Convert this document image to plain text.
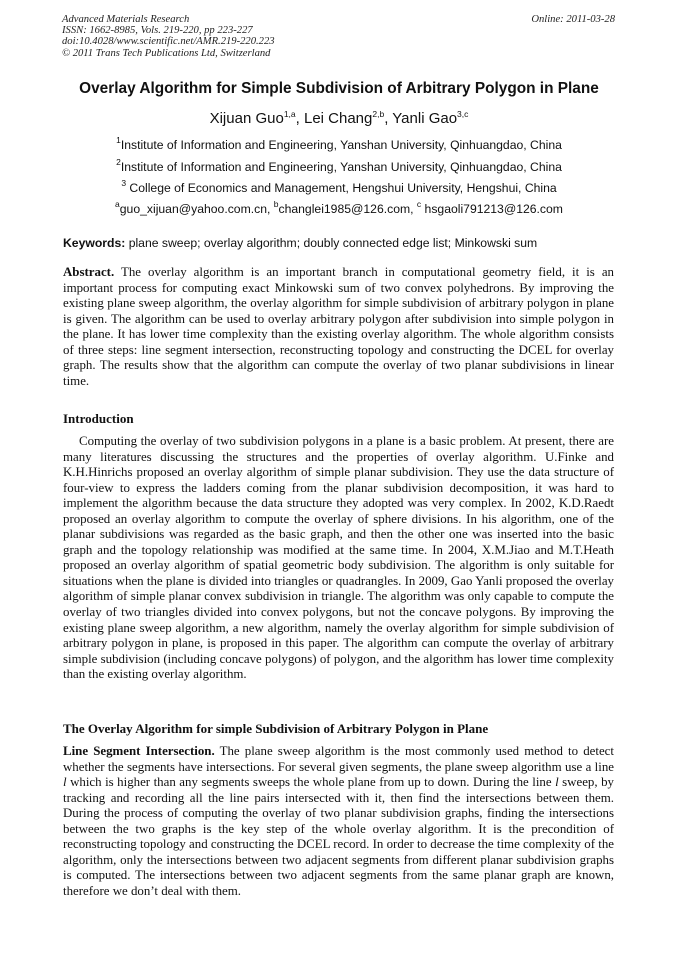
Advanced Materials Research
ISSN: 1662-8985, Vols. 219-220, pp 223-227
doi:10.4028/www.scientific.net/AMR.219-220.223
© 2011 Trans Tech Publications Ltd, Switzerland
Online: 2011-03-28
Overlay Algorithm for Simple Subdivision of Arbitrary Polygon in Plane
Xijuan Guo$^{1,a}$, Lei Chang$^{2,b}$, Yanli Gao$^{3,c}$
$^1$Institute of Information and Engineering, Yanshan University, Qinhuangdao, China
$^2$Institute of Information and Engineering, Yanshan University, Qinhuangdao, China
$^3$ College of Economics and Management, Hengshui University, Hengshui, China
$^a$guo_xijuan@yahoo.com.cn, $^b$changlei1985@126.com, $^c$ hsgaoli791213@126.com
Keywords: plane sweep; overlay algorithm; doubly connected edge list; Minkowski sum
Abstract. The overlay algorithm is an important branch in computational geometry field, it is an important process for computing exact Minkowski sum of two convex polyhedrons. By improving the existing plane sweep algorithm, the overlay algorithm for simple subdivision of arbitrary polygon in plane is given. The algorithm can be used to overlay arbitrary polygon after subdivision into simple polygon in the plane. It has lower time complexity than the existing overlay algorithm. The whole algorithm consists of three steps: line segment intersection, reconstructing topology and constructing the DCEL for overlay graph. The results show that the algorithm can compute the overlay of two planar subdivisions in linear time.
Introduction
Computing the overlay of two subdivision polygons in a plane is a basic problem. At present, there are many literatures discussing the structures and the properties of overlay algorithm. U.Finke and K.H.Hinrichs proposed an overlay algorithm of simple planar subdivision. They use the data structure of four-view to express the ladders coming from the planar subdivision decomposition, it was hard to implement the algorithm because the data structure they adopted was very complex. In 2002, K.D.Raedt proposed an overlay algorithm to compute the overlay of sphere divisions. In his algorithm, one of the planar subdivisions was regarded as the basic graph, and then the other one was inserted into the basic graph and the topology relationship was modified at the same time. In 2004, X.M.Jiao and M.T.Heath proposed an overlay algorithm of spatial geometric body subdivision. The algorithm is only suitable for situations when the plane is divided into triangles or quadrangles. In 2009, Gao Yanli proposed the overlay algorithm of simple planar convex subdivision in triangle. The algorithm was only capable to compute the overlay of two triangles divided into convex polygons, but not the concave polygons. By improving the existing plane sweep algorithm, a new algorithm, namely the overlay algorithm for simple subdivision of arbitrary polygon in plane, is proposed in this paper. The algorithm can compute the overlay of arbitrary simple subdivision (including concave polygons) of polygon, and the algorithm has lower time complexity than the existing overlay algorithm.
The Overlay Algorithm for simple Subdivision of Arbitrary Polygon in Plane
Line Segment Intersection. The plane sweep algorithm is the most commonly used method to detect whether the segments have intersections. For several given segments, the plane sweep algorithm use a line l which is higher than any segments sweeps the whole plane from up to down. During the line l sweep, by tracking and recording all the line pairs intersected with it, then find the intersections between them. During the process of computing the overlay of two planar subdivision graphs, finding the intersections between the two graphs is the key step of the whole overlay algorithm. It is the precondition of reconstructing topology and constructing the DCEL record. In order to decrease the time complexity of the algorithm, only the intersections between two adjacent segments from different planar subdivision graphs is computed. The intersections between two adjacent segments from the same planar graph are known, therefore we don’t deal with them.
